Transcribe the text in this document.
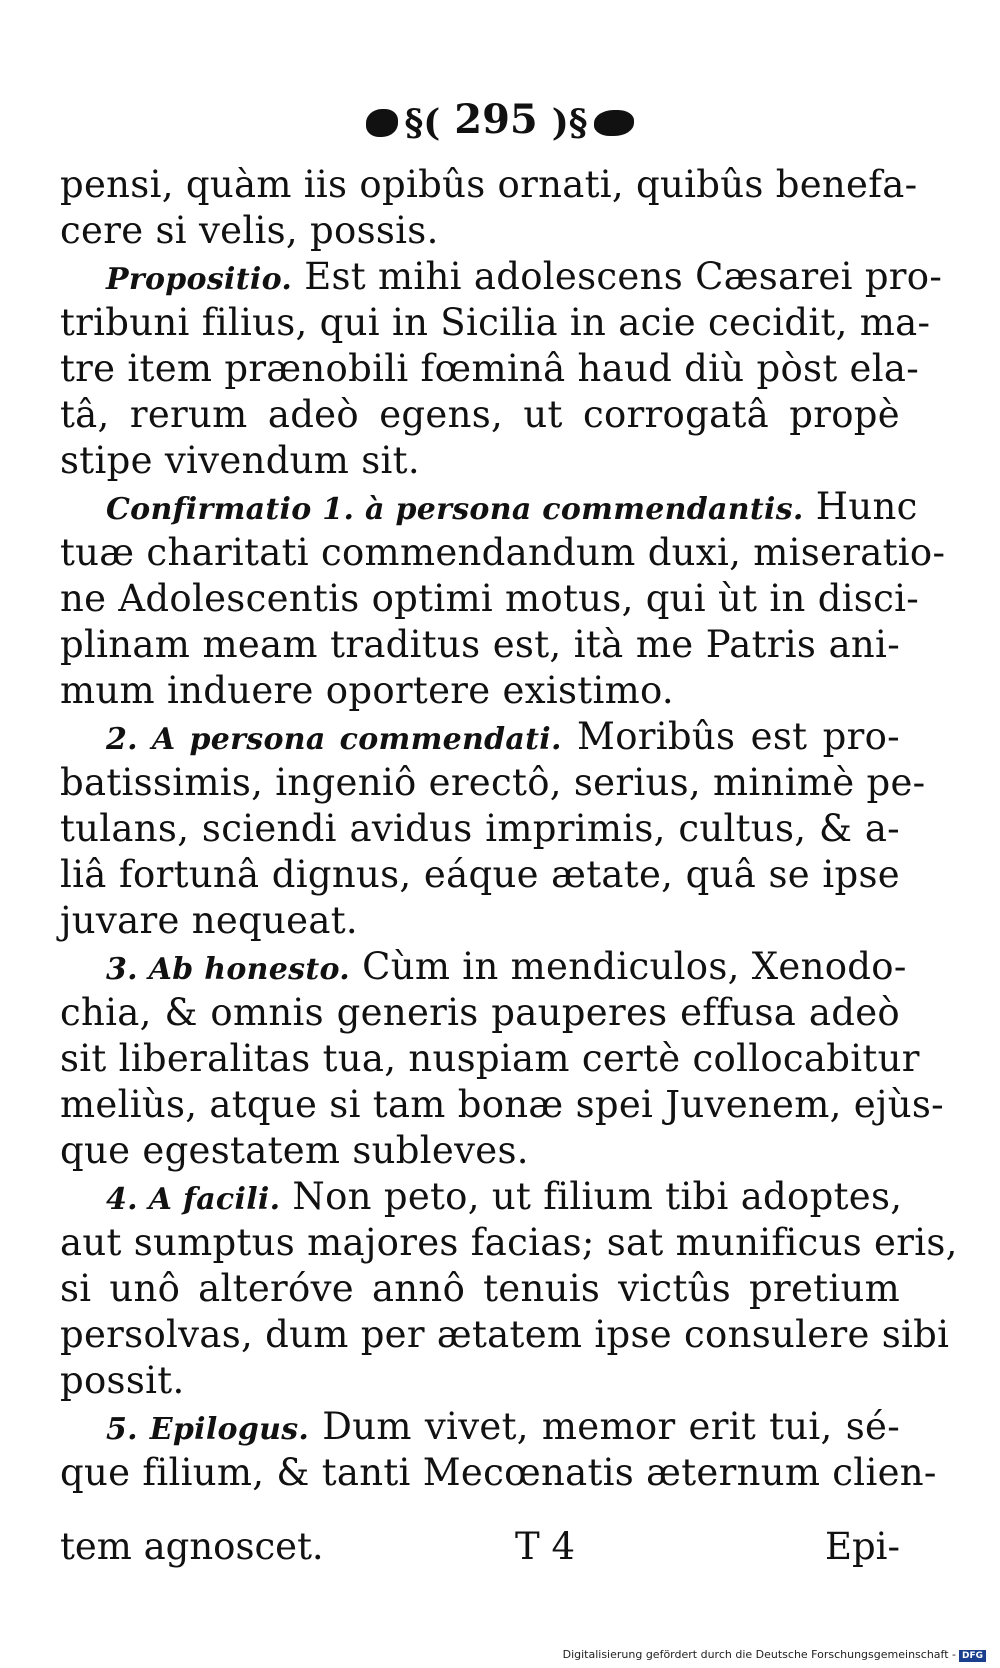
§( 295 )§
pensi, quàm iis opibûs ornati, quibûs benefa-
cere si velis, possis.
Propositio. Est mihi adolescens Cæsarei pro-
tribuni filius, qui in Sicilia in acie cecidit, ma-
tre item prænobili fœminâ haud diù pòst ela-
tâ, rerum adeò egens, ut corrogatâ propè
stipe vivendum sit.
Confirmatio 1. à persona commendantis. Hunc
tuæ charitati commendandum duxi, miseratio-
ne Adolescentis optimi motus, qui ùt in disci-
plinam meam traditus est, ità me Patris ani-
mum induere oportere existimo.
2. A persona commendati. Moribûs est pro-
batissimis, ingeniô erectô, serius, minimè pe-
tulans, sciendi avidus imprimis, cultus, & a-
liâ fortunâ dignus, eáque ætate, quâ se ipse
juvare nequeat.
3. Ab honesto. Cùm in mendiculos, Xenodo-
chia, & omnis generis pauperes effusa adeò
sit liberalitas tua, nuspiam certè collocabitur
meliùs, atque si tam bonæ spei Juvenem, ejùs-
que egestatem subleves.
4. A facili. Non peto, ut filium tibi adoptes,
aut sumptus majores facias; sat munificus eris,
si unô alteróve annô tenuis victûs pretium
persolvas, dum per ætatem ipse consulere sibi
possit.
5. Epilogus. Dum vivet, memor erit tui, sé-
que filium, & tanti Mecœnatis æternum clien-
tem agnoscet.	T 4	Epi-
Digitalisierung gefördert durch die Deutsche Forschungsgemeinschaft - DFG
